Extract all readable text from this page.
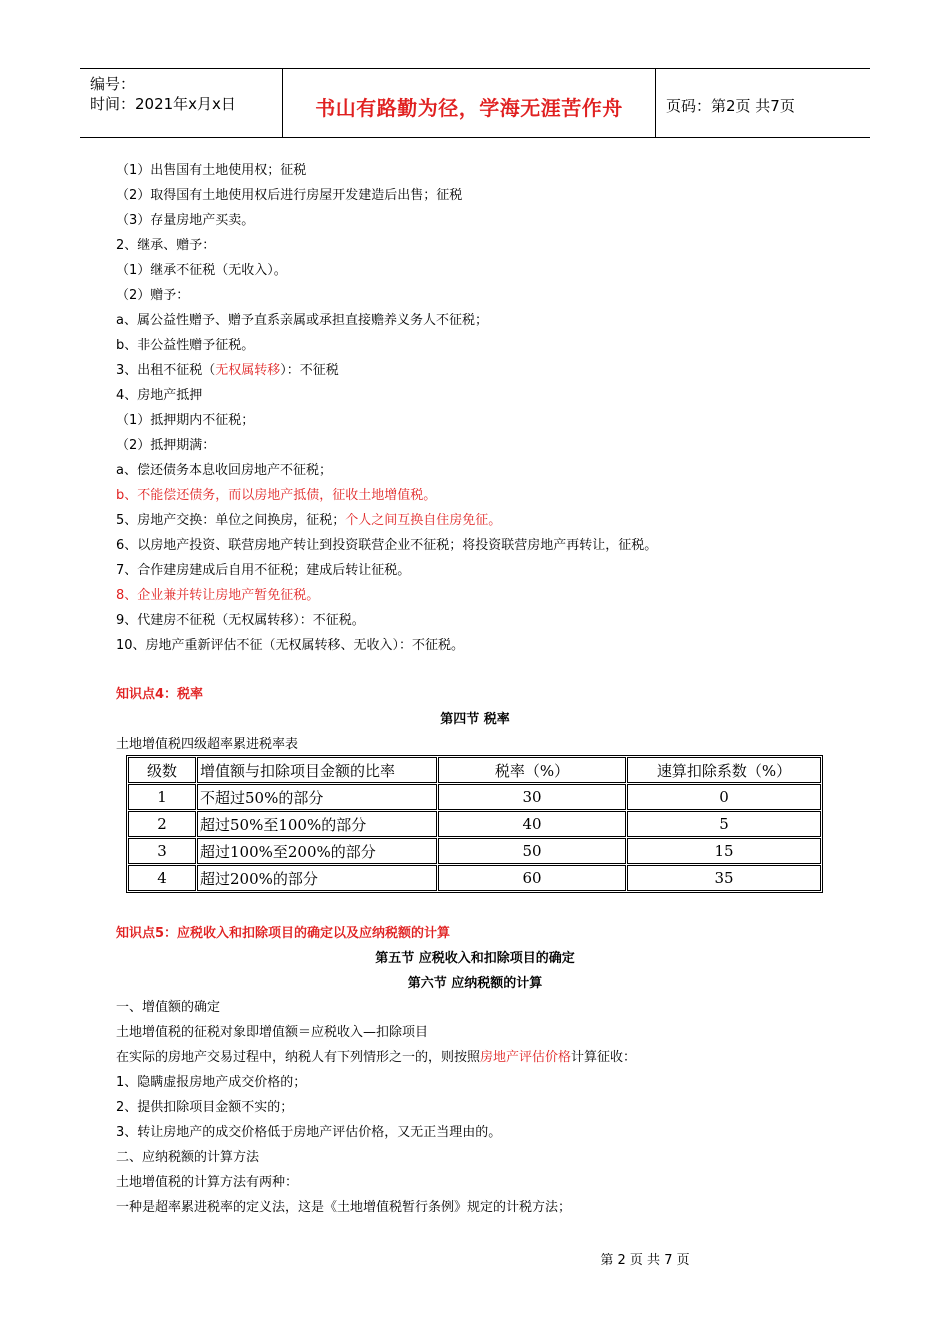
编号：
时间：2021年x月x日	书山有路勤为径，学海无涯苦作舟	页码：第2页 共7页
（1）出售国有土地使用权；征税
（2）取得国有土地使用权后进行房屋开发建造后出售；征税
（3）存量房地产买卖。
2、继承、赠予：
（1）继承不征税（无收入）。
（2）赠予：
a、属公益性赠予、赠予直系亲属或承担直接赡养义务人不征税；
b、非公益性赠予征税。
3、出租不征税（无权属转移）：不征税
4、房地产抵押
（1）抵押期内不征税；
（2）抵押期满：
a、偿还债务本息收回房地产不征税；
b、不能偿还债务，而以房地产抵债，征收土地增值税。
5、房地产交换：单位之间换房，征税；个人之间互换自住房免征。
6、以房地产投资、联营房地产转让到投资联营企业不征税；将投资联营房地产再转让，征税。
7、合作建房建成后自用不征税；建成后转让征税。
8、企业兼并转让房地产暂免征税。
9、代建房不征税（无权属转移）：不征税。
10、房地产重新评估不征（无权属转移、无收入）：不征税。
知识点4：税率
第四节 税率
土地增值税四级超率累进税率表
级数	增值额与扣除项目金额的比率	税率（%）	速算扣除系数（%）
1	不超过50%的部分	30	0
2	超过50%至100%的部分	40	5
3	超过100%至200%的部分	50	15
4	超过200%的部分	60	35
知识点5：应税收入和扣除项目的确定以及应纳税额的计算
第五节 应税收入和扣除项目的确定
第六节 应纳税额的计算
一、增值额的确定
土地增值税的征税对象即增值额＝应税收入—扣除项目
在实际的房地产交易过程中，纳税人有下列情形之一的，则按照房地产评估价格计算征收：
1、隐瞒虚报房地产成交价格的；
2、提供扣除项目金额不实的；
3、转让房地产的成交价格低于房地产评估价格，又无正当理由的。
二、应纳税额的计算方法
土地增值税的计算方法有两种：
一种是超率累进税率的定义法，这是《土地增值税暂行条例》规定的计税方法；
第 2 页 共 7 页
